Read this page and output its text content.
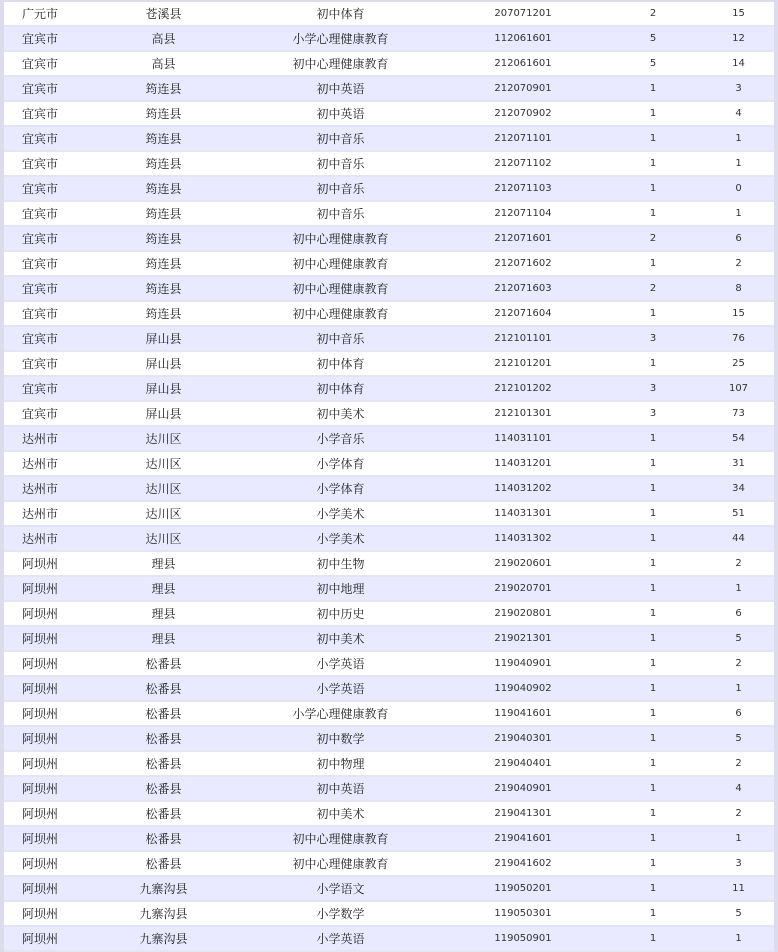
广元市	苍溪县	初中体育	207071201	2	15
宜宾市	高县	小学心理健康教育	112061601	5	12
宜宾市	高县	初中心理健康教育	212061601	5	14
宜宾市	筠连县	初中英语	212070901	1	3
宜宾市	筠连县	初中英语	212070902	1	4
宜宾市	筠连县	初中音乐	212071101	1	1
宜宾市	筠连县	初中音乐	212071102	1	1
宜宾市	筠连县	初中音乐	212071103	1	0
宜宾市	筠连县	初中音乐	212071104	1	1
宜宾市	筠连县	初中心理健康教育	212071601	2	6
宜宾市	筠连县	初中心理健康教育	212071602	1	2
宜宾市	筠连县	初中心理健康教育	212071603	2	8
宜宾市	筠连县	初中心理健康教育	212071604	1	15
宜宾市	屏山县	初中音乐	212101101	3	76
宜宾市	屏山县	初中体育	212101201	1	25
宜宾市	屏山县	初中体育	212101202	3	107
宜宾市	屏山县	初中美术	212101301	3	73
达州市	达川区	小学音乐	114031101	1	54
达州市	达川区	小学体育	114031201	1	31
达州市	达川区	小学体育	114031202	1	34
达州市	达川区	小学美术	114031301	1	51
达州市	达川区	小学美术	114031302	1	44
阿坝州	理县	初中生物	219020601	1	2
阿坝州	理县	初中地理	219020701	1	1
阿坝州	理县	初中历史	219020801	1	6
阿坝州	理县	初中美术	219021301	1	5
阿坝州	松番县	小学英语	119040901	1	2
阿坝州	松番县	小学英语	119040902	1	1
阿坝州	松番县	小学心理健康教育	119041601	1	6
阿坝州	松番县	初中数学	219040301	1	5
阿坝州	松番县	初中物理	219040401	1	2
阿坝州	松番县	初中英语	219040901	1	4
阿坝州	松番县	初中美术	219041301	1	2
阿坝州	松番县	初中心理健康教育	219041601	1	1
阿坝州	松番县	初中心理健康教育	219041602	1	3
阿坝州	九寨沟县	小学语文	119050201	1	11
阿坝州	九寨沟县	小学数学	119050301	1	5
阿坝州	九寨沟县	小学英语	119050901	1	1
